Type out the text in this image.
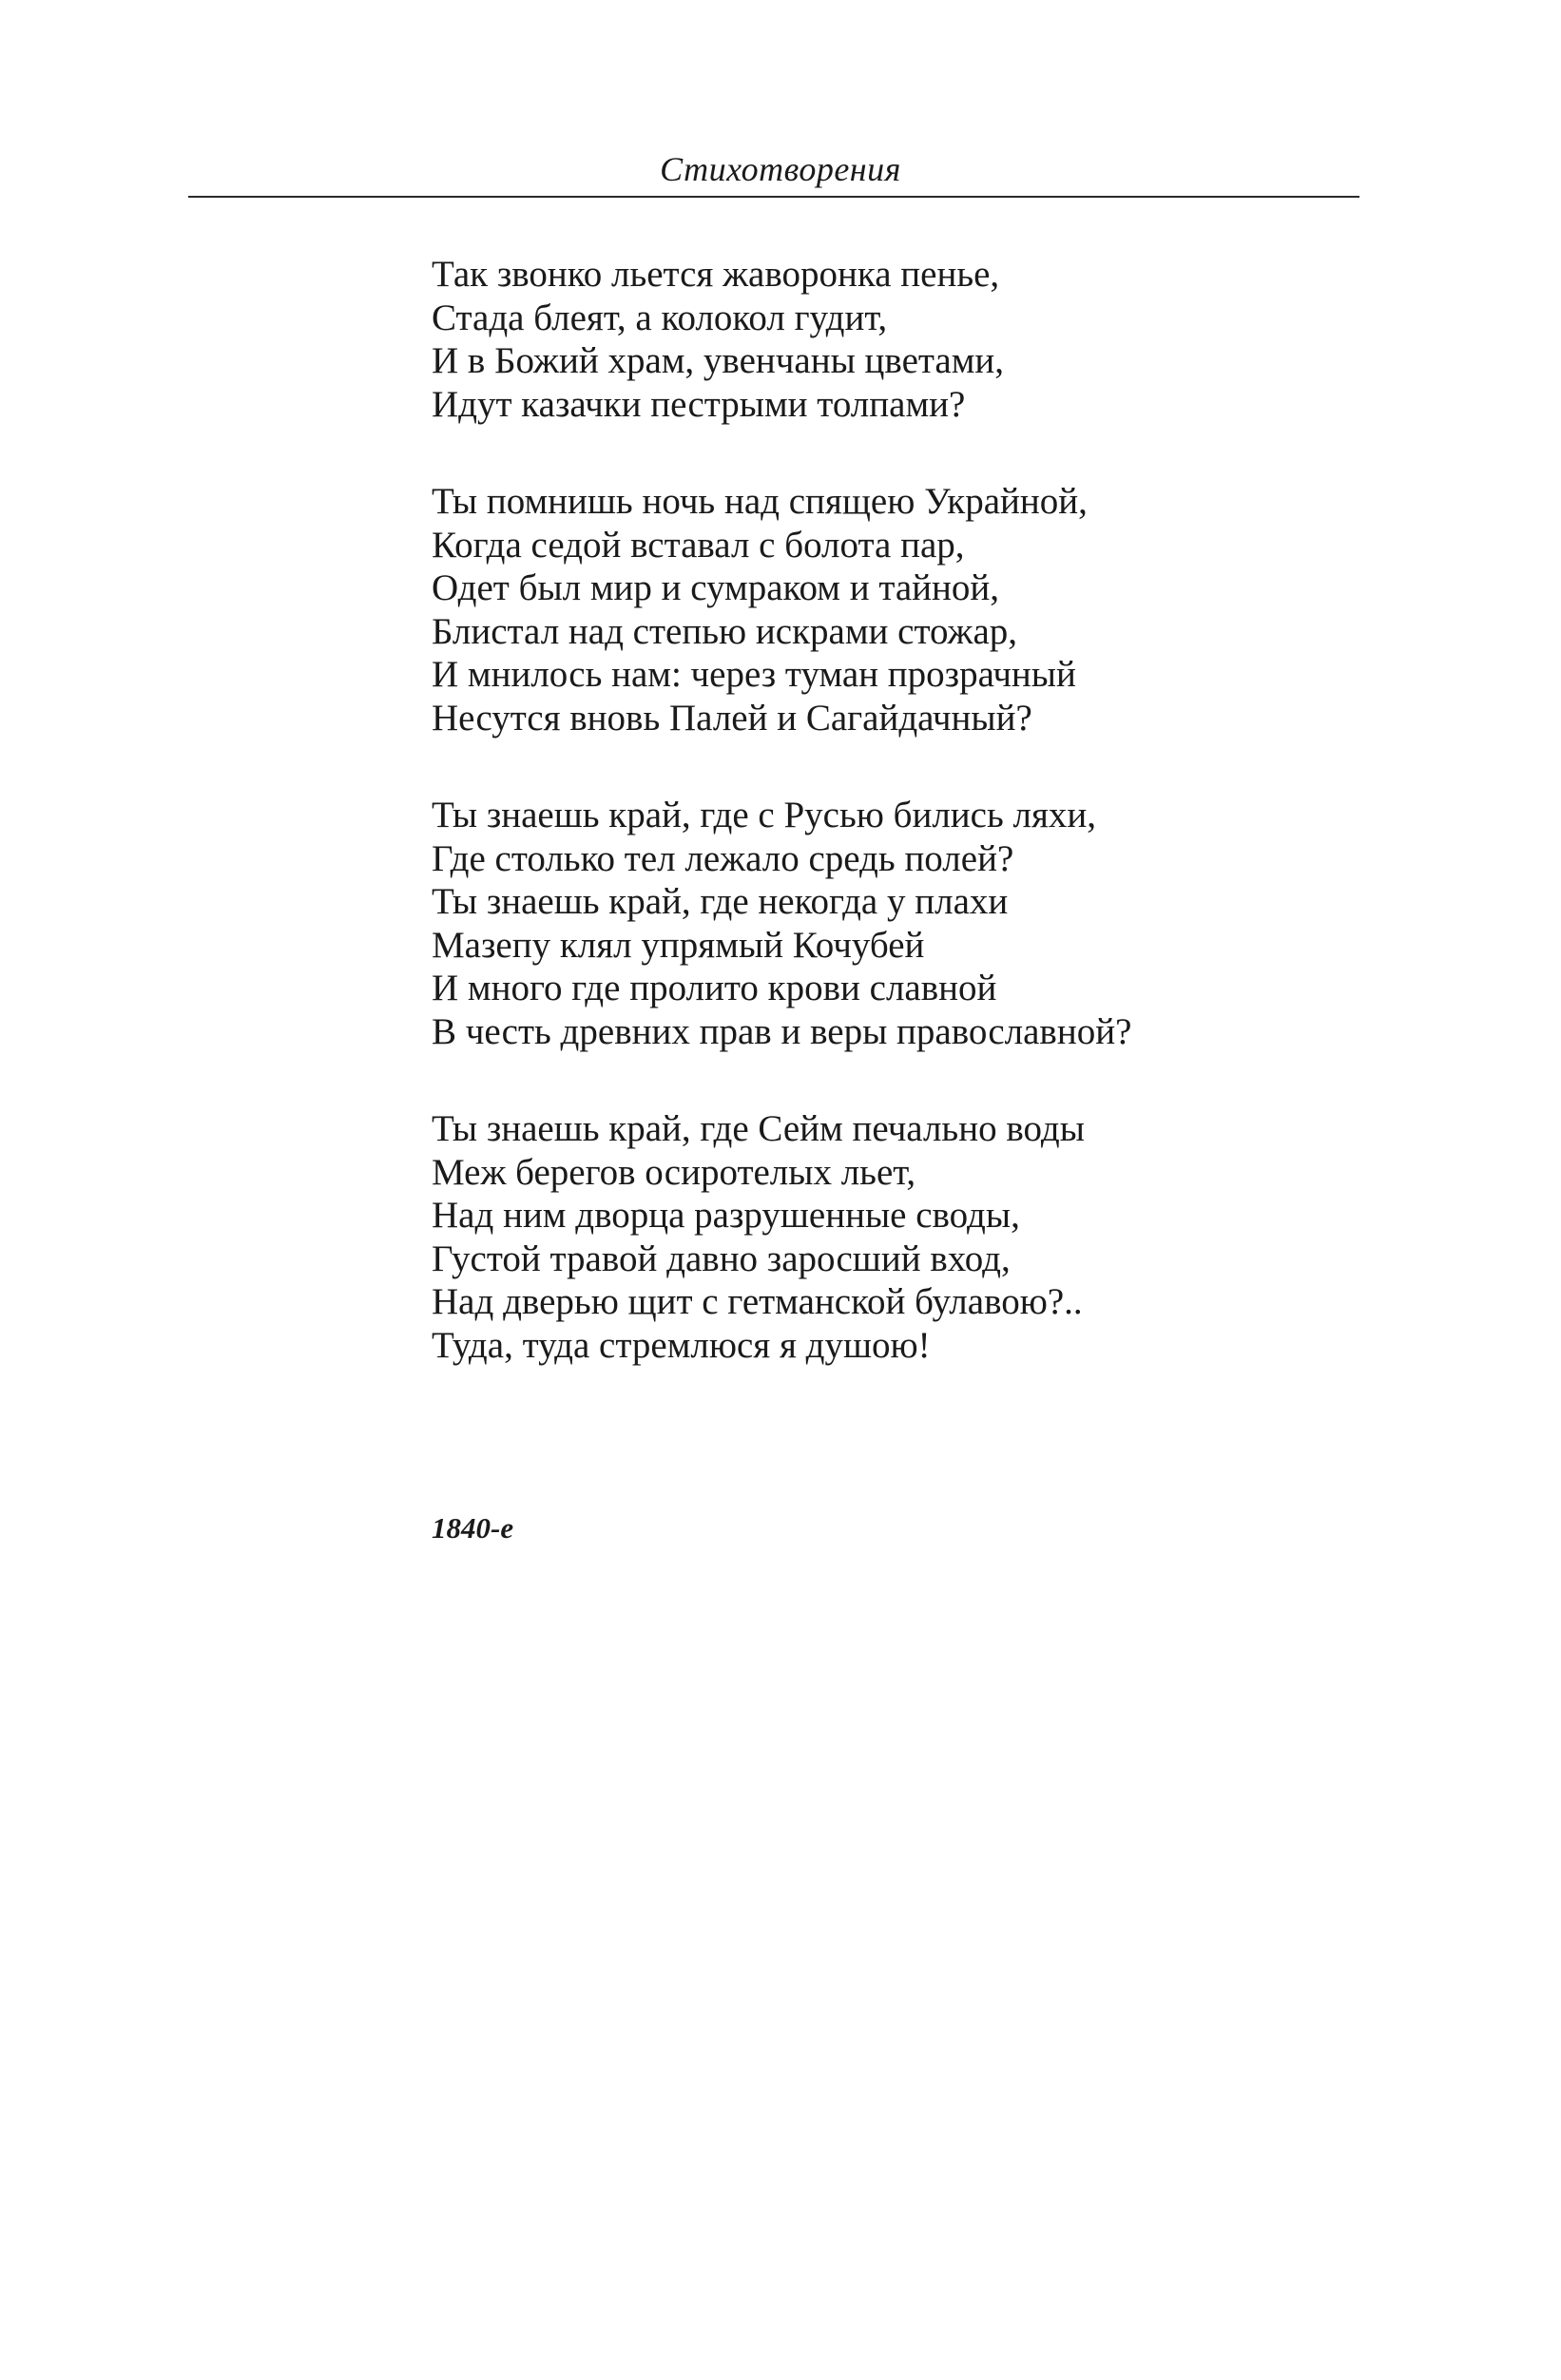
Стихотворения
Так звонко льется жаворонка пенье,
Стада блеят, а колокол гудит,
И в Божий храм, увенчаны цветами,
Идут казачки пестрыми толпами?
Ты помнишь ночь над спящею Украйной,
Когда седой вставал с болота пар,
Одет был мир и сумраком и тайной,
Блистал над степью искрами стожар,
И мнилось нам: через туман прозрачный
Несутся вновь Палей и Сагайдачный?
Ты знаешь край, где с Русью бились ляхи,
Где столько тел лежало средь полей?
Ты знаешь край, где некогда у плахи
Мазепу клял упрямый Кочубей
И много где пролито крови славной
В честь древних прав и веры православной?
Ты знаешь край, где Сейм печально воды
Меж берегов осиротелых льет,
Над ним дворца разрушенные своды,
Густой травой давно заросший вход,
Над дверью щит с гетманской булавою?..
Туда, туда стремлюся я душою!
1840-е
